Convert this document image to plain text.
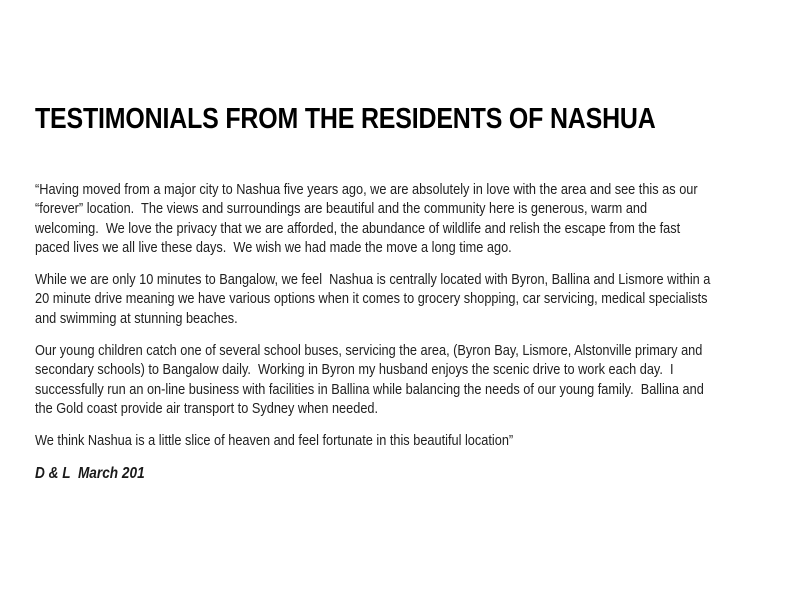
TESTIMONIALS FROM THE RESIDENTS OF NASHUA
“Having moved from a major city to Nashua five years ago, we are absolutely in love with the area and see this as our
“forever” location.  The views and surroundings are beautiful and the community here is generous, warm and
welcoming.  We love the privacy that we are afforded, the abundance of wildlife and relish the escape from the fast
paced lives we all live these days.  We wish we had made the move a long time ago.
While we are only 10 minutes to Bangalow, we feel  Nashua is centrally located with Byron, Ballina and Lismore within a
20 minute drive meaning we have various options when it comes to grocery shopping, car servicing, medical specialists
and swimming at stunning beaches.
Our young children catch one of several school buses, servicing the area, (Byron Bay, Lismore, Alstonville primary and
secondary schools) to Bangalow daily.  Working in Byron my husband enjoys the scenic drive to work each day.  I
successfully run an on-line business with facilities in Ballina while balancing the needs of our young family.  Ballina and
the Gold coast provide air transport to Sydney when needed.
We think Nashua is a little slice of heaven and feel fortunate in this beautiful location”
D & L  March 201
